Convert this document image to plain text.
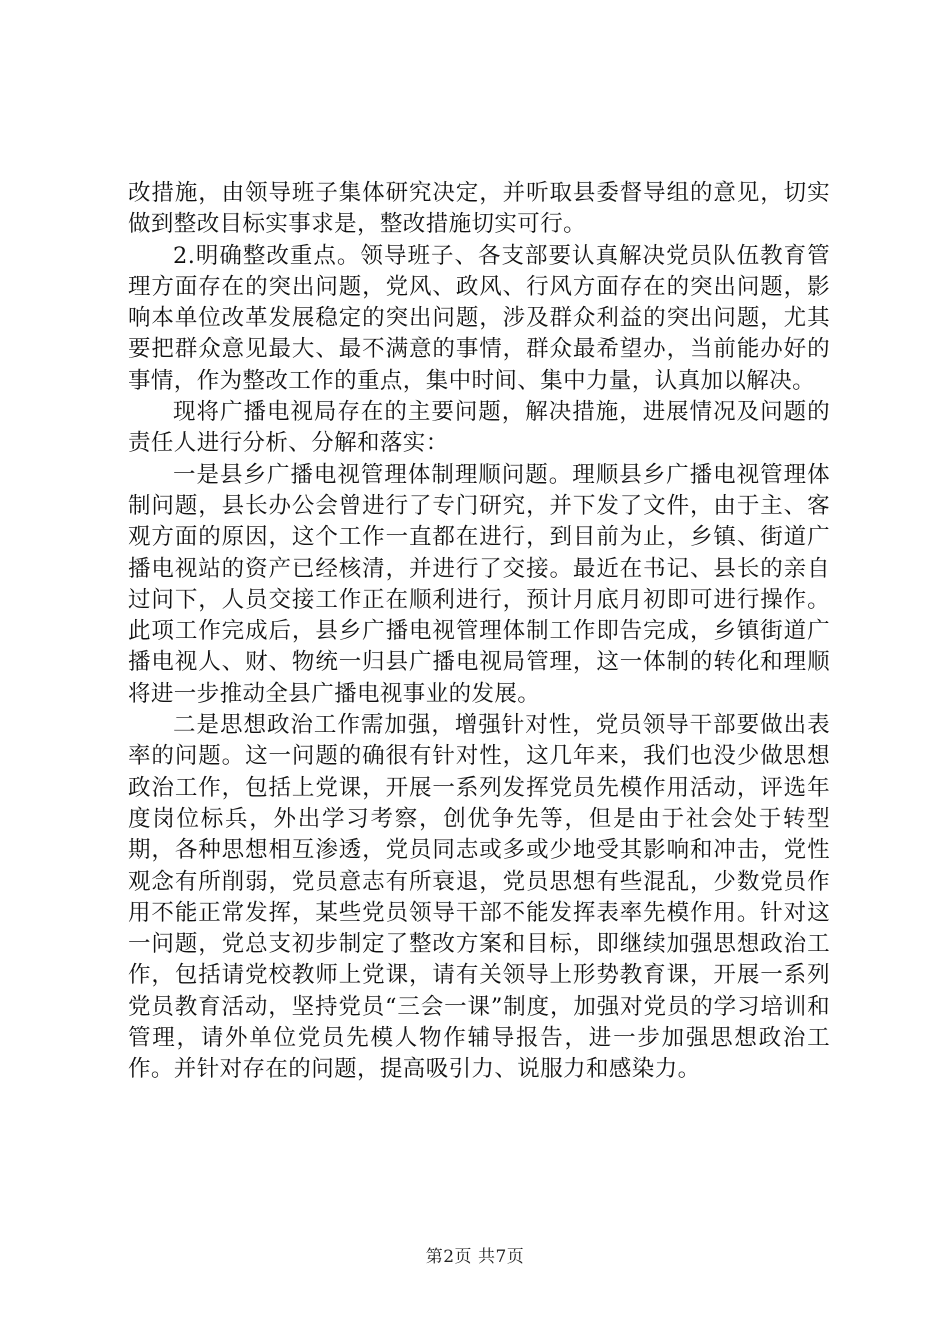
改措施，由领导班子集体研究决定，并听取县委督导组的意见，切实做到整改目标实事求是，整改措施切实可行。

2.明确整改重点。领导班子、各支部要认真解决党员队伍教育管理方面存在的突出问题，党风、政风、行风方面存在的突出问题，影响本单位改革发展稳定的突出问题，涉及群众利益的突出问题，尤其要把群众意见最大、最不满意的事情，群众最希望办，当前能办好的事情，作为整改工作的重点，集中时间、集中力量，认真加以解决。

现将广播电视局存在的主要问题，解决措施，进展情况及问题的责任人进行分析、分解和落实：

一是县乡广播电视管理体制理顺问题。理顺县乡广播电视管理体制问题，县长办公会曾进行了专门研究，并下发了文件，由于主、客观方面的原因，这个工作一直都在进行，到目前为止，乡镇、街道广播电视站的资产已经核清，并进行了交接。最近在书记、县长的亲自过问下，人员交接工作正在顺利进行，预计月底月初即可进行操作。此项工作完成后，县乡广播电视管理体制工作即告完成，乡镇街道广播电视人、财、物统一归县广播电视局管理，这一体制的转化和理顺将进一步推动全县广播电视事业的发展。

二是思想政治工作需加强，增强针对性，党员领导干部要做出表率的问题。这一问题的确很有针对性，这几年来，我们也没少做思想政治工作，包括上党课，开展一系列发挥党员先模作用活动，评选年度岗位标兵，外出学习考察，创优争先等，但是由于社会处于转型期，各种思想相互渗透，党员同志或多或少地受其影响和冲击，党性观念有所削弱，党员意志有所衰退，党员思想有些混乱，少数党员作用不能正常发挥，某些党员领导干部不能发挥表率先模作用。针对这一问题，党总支初步制定了整改方案和目标，即继续加强思想政治工作，包括请党校教师上党课，请有关领导上形势教育课，开展一系列党员教育活动，坚持党员“三会一课”制度，加强对党员的学习培训和管理，请外单位党员先模人物作辅导报告，进一步加强思想政治工作。并针对存在的问题，提高吸引力、说服力和感染力。

第2页 共7页
